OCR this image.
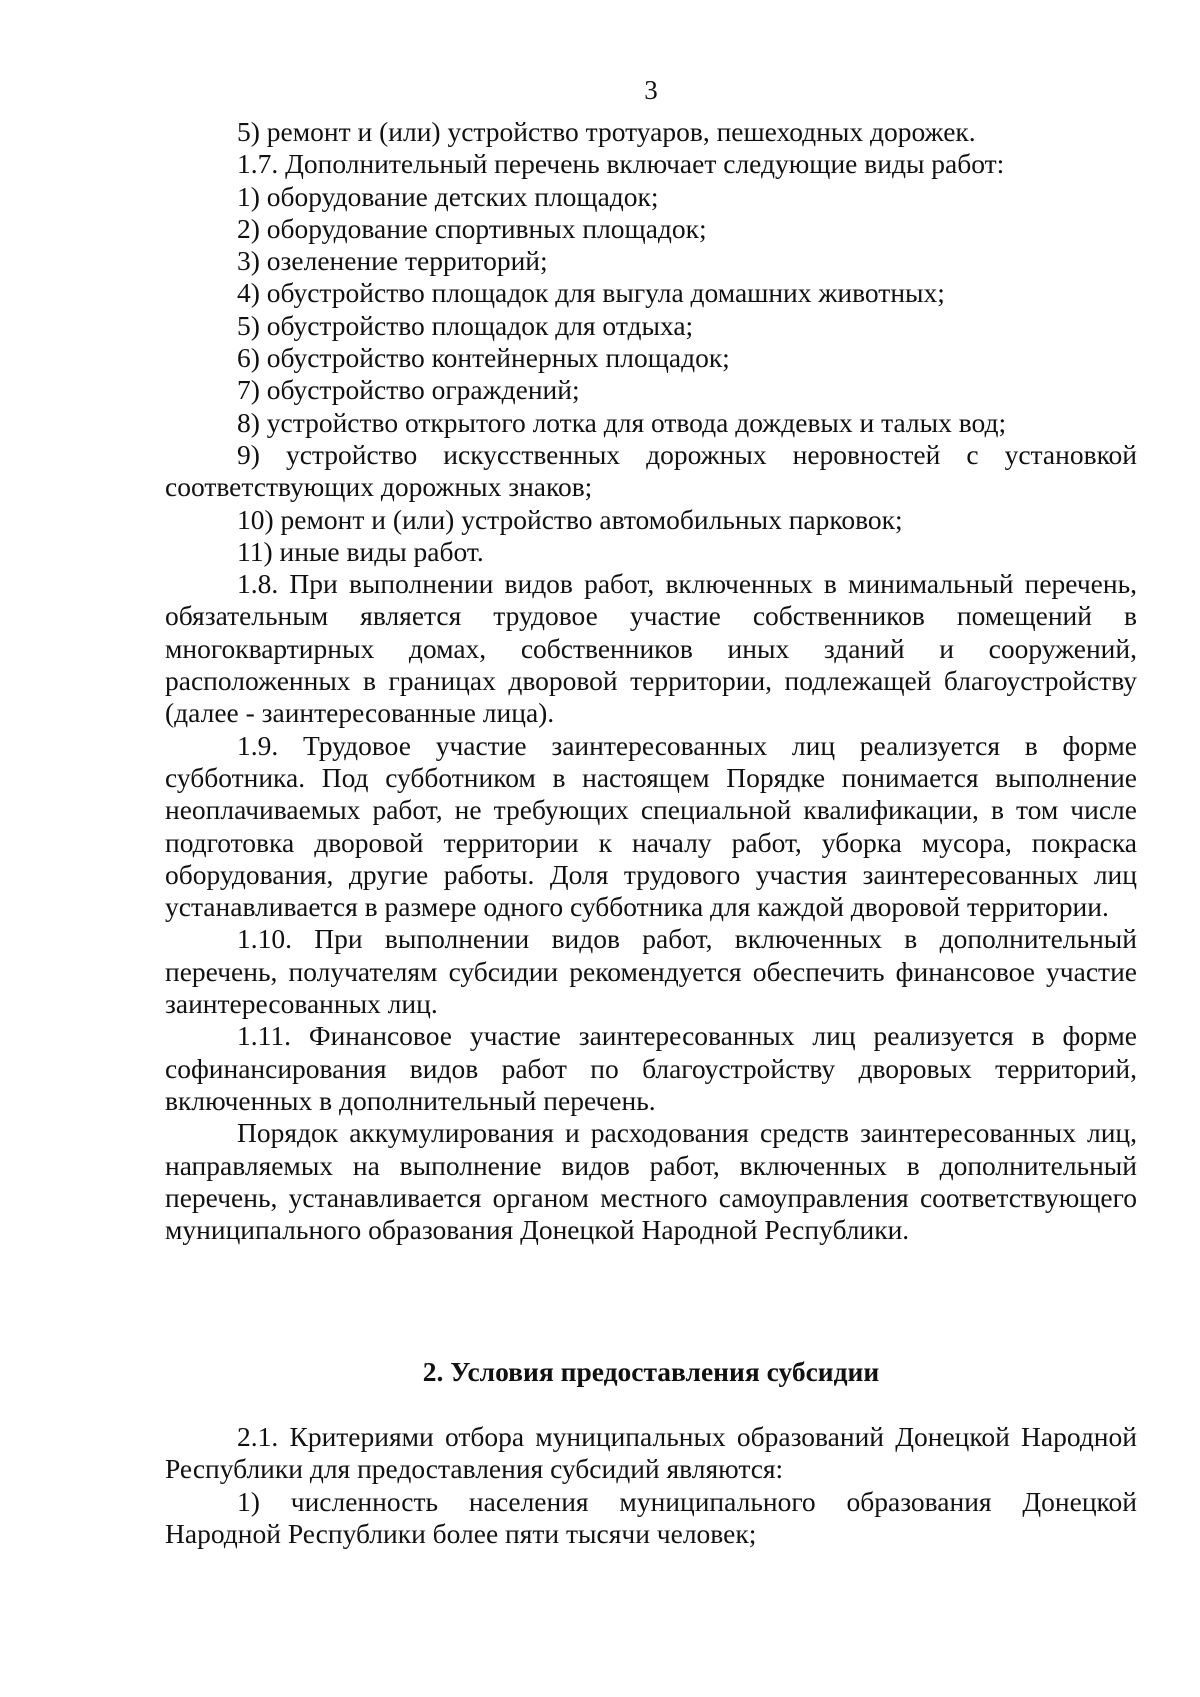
3

5) ремонт и (или) устройство тротуаров, пешеходных дорожек.

1.7. Дополнительный перечень включает следующие виды работ:

1) оборудование детских площадок;

2) оборудование спортивных площадок;

3) озеленение территорий;

4) обустройство площадок для выгула домашних животных;

5) обустройство площадок для отдыха;

6) обустройство контейнерных площадок;

7) обустройство ограждений;

8) устройство открытого лотка для отвода дождевых и талых вод;

9) устройство искусственных дорожных неровностей с установкой соответствующих дорожных знаков;

10) ремонт и (или) устройство автомобильных парковок;

11) иные виды работ.

1.8. При выполнении видов работ, включенных в минимальный перечень, обязательным является трудовое участие собственников помещений в многоквартирных домах, собственников иных зданий и сооружений, расположенных в границах дворовой территории, подлежащей благоустройству (далее - заинтересованные лица).

1.9. Трудовое участие заинтересованных лиц реализуется в форме субботника. Под субботником в настоящем Порядке понимается выполнение неоплачиваемых работ, не требующих специальной квалификации, в том числе подготовка дворовой территории к началу работ, уборка мусора, покраска оборудования, другие работы. Доля трудового участия заинтересованных лиц устанавливается в размере одного субботника для каждой дворовой территории.

1.10. При выполнении видов работ, включенных в дополнительный перечень, получателям субсидии рекомендуется обеспечить финансовое участие заинтересованных лиц.

1.11. Финансовое участие заинтересованных лиц реализуется в форме софинансирования видов работ по благоустройству дворовых территорий, включенных в дополнительный перечень.

Порядок аккумулирования и расходования средств заинтересованных лиц, направляемых на выполнение видов работ, включенных в дополнительный перечень, устанавливается органом местного самоуправления соответствующего муниципального образования Донецкой Народной Республики.

2. Условия предоставления субсидии

2.1. Критериями отбора муниципальных образований Донецкой Народной Республики для предоставления субсидий являются:

1) численность населения муниципального образования Донецкой Народной Республики более пяти тысячи человек;
